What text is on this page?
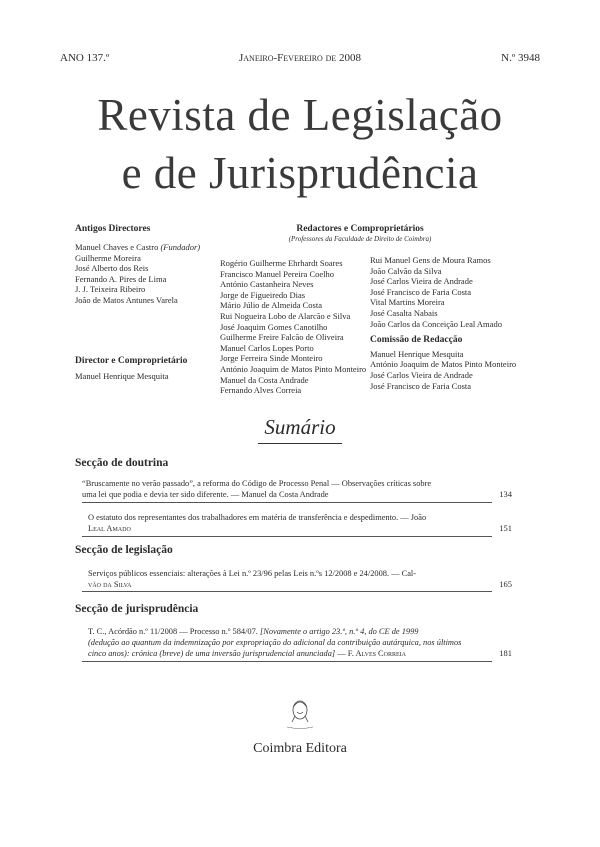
ANO 137.º	Janeiro-Fevereiro de 2008	N.º 3948
Revista de Legislação
e de Jurisprudência
Antigos Directores
Manuel Chaves e Castro (Fundador)
Guilherme Moreira
José Alberto dos Reis
Fernando A. Pires de Lima
J. J. Teixeira Ribeiro
João de Matos Antunes Varela
Director e Comproprietário
Manuel Henrique Mesquita
Redactores e Comproprietários
(Professores da Faculdade de Direito de Coimbra)
Rogério Guilherme Ehrhardt Soares
Francisco Manuel Pereira Coelho
António Castanheira Neves
Jorge de Figueiredo Dias
Mário Júlio de Almeida Costa
Rui Nogueira Lobo de Alarcão e Silva
José Joaquim Gomes Canotilho
Guilherme Freire Falcão de Oliveira
Manuel Carlos Lopes Porto
Jorge Ferreira Sinde Monteiro
António Joaquim de Matos Pinto Monteiro
Manuel da Costa Andrade
Fernando Alves Correia
Rui Manuel Gens de Moura Ramos
João Calvão da Silva
José Carlos Vieira de Andrade
José Francisco de Faria Costa
Vital Martins Moreira
José Casalta Nabais
João Carlos da Conceição Leal Amado
Comissão de Redacção
Manuel Henrique Mesquita
António Joaquim de Matos Pinto Monteiro
José Carlos Vieira de Andrade
José Francisco de Faria Costa
Sumário
Secção de doutrina
“Bruscamente no verão passado”, a reforma do Código de Processo Penal — Observações críticas sobre
uma lei que podia e devia ter sido diferente. — Manuel da Costa Andrade	134
O estatuto dos representantes dos trabalhadores em matéria de transferência e despedimento. — João
Leal Amado	151
Secção de legislação
Serviços públicos essenciais: alterações à Lei n.º 23/96 pelas Leis n.ºs 12/2008 e 24/2008. — Cal-
vão da Silva	165
Secção de jurisprudência
T. C., Acórdão n.º 11/2008 — Processo n.º 584/07. [Novamente o artigo 23.º, n.º 4, do CE de 1999
(dedução ao quantum da indemnização por expropriação do adicional da contribuição autárquica, nos últimos
cinco anos): crónica (breve) de uma inversão jurisprudencial anunciada] — F. Alves Correia	181
Coimbra Editora
